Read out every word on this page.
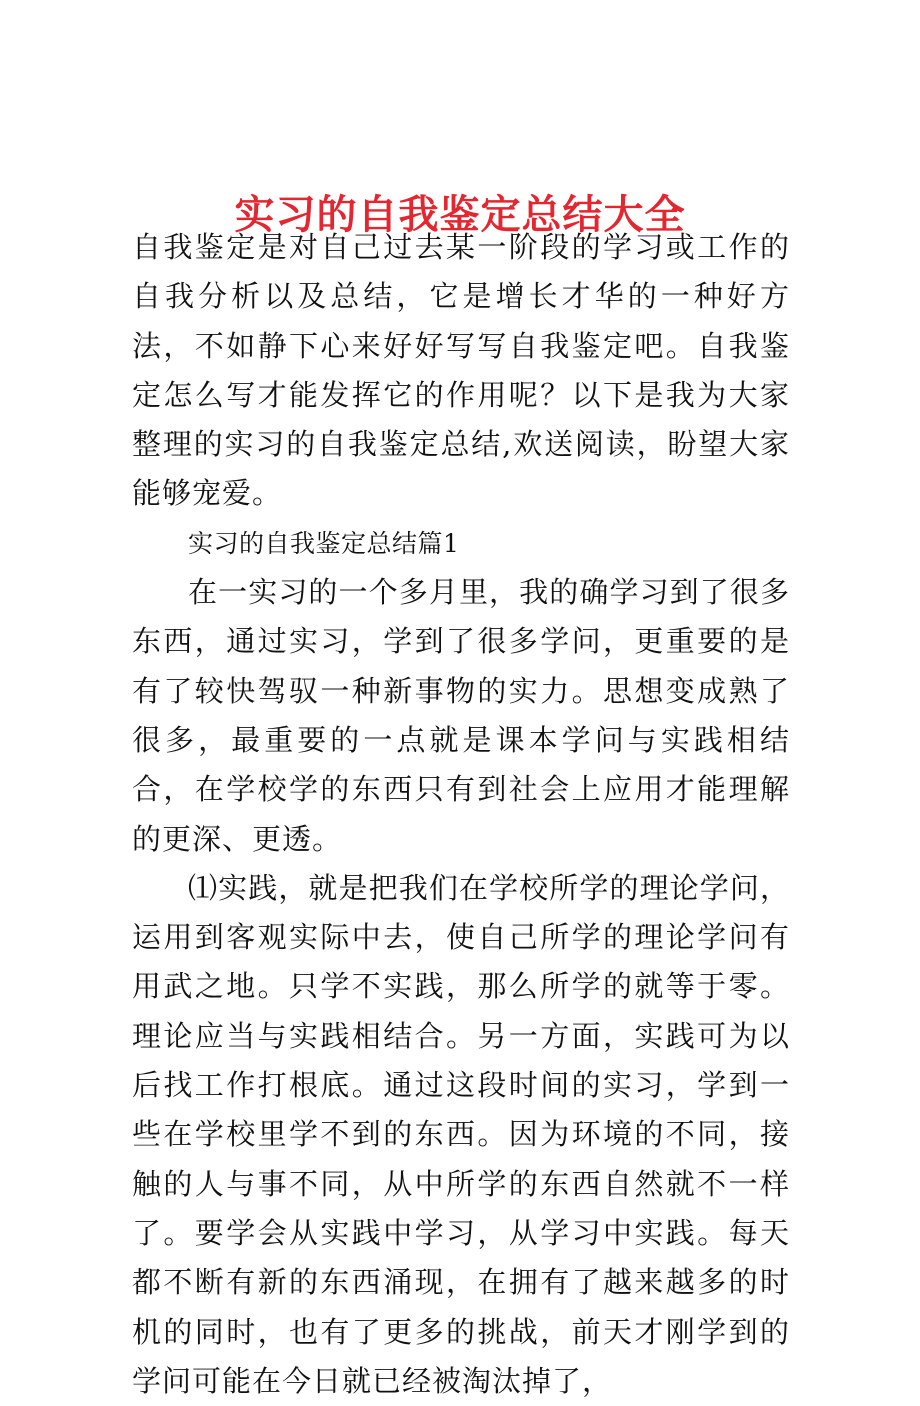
实习的自我鉴定总结大全

自我鉴定是对自己过去某一阶段的学习或工作的自我分析以及总结，它是增长才华的一种好方法，不如静下心来好好写写自我鉴定吧。自我鉴定怎么写才能发挥它的作用呢？以下是我为大家整理的实习的自我鉴定总结,欢送阅读，盼望大家能够宠爱。

实习的自我鉴定总结篇1

在一实习的一个多月里，我的确学习到了很多东西，通过实习，学到了很多学问，更重要的是有了较快驾驭一种新事物的实力。思想变成熟了很多，最重要的一点就是课本学问与实践相结合，在学校学的东西只有到社会上应用才能理解的更深、更透。

⑴实践，就是把我们在学校所学的理论学问，运用到客观实际中去，使自己所学的理论学问有用武之地。只学不实践，那么所学的就等于零。理论应当与实践相结合。另一方面，实践可为以后找工作打根底。通过这段时间的实习，学到一些在学校里学不到的东西。因为环境的不同，接触的人与事不同，从中所学的东西自然就不一样了。要学会从实践中学习，从学习中实践。每天都不断有新的东西涌现，在拥有了越来越多的时机的同时，也有了更多的挑战，前天才刚学到的学问可能在今日就已经被淘汰掉了，
